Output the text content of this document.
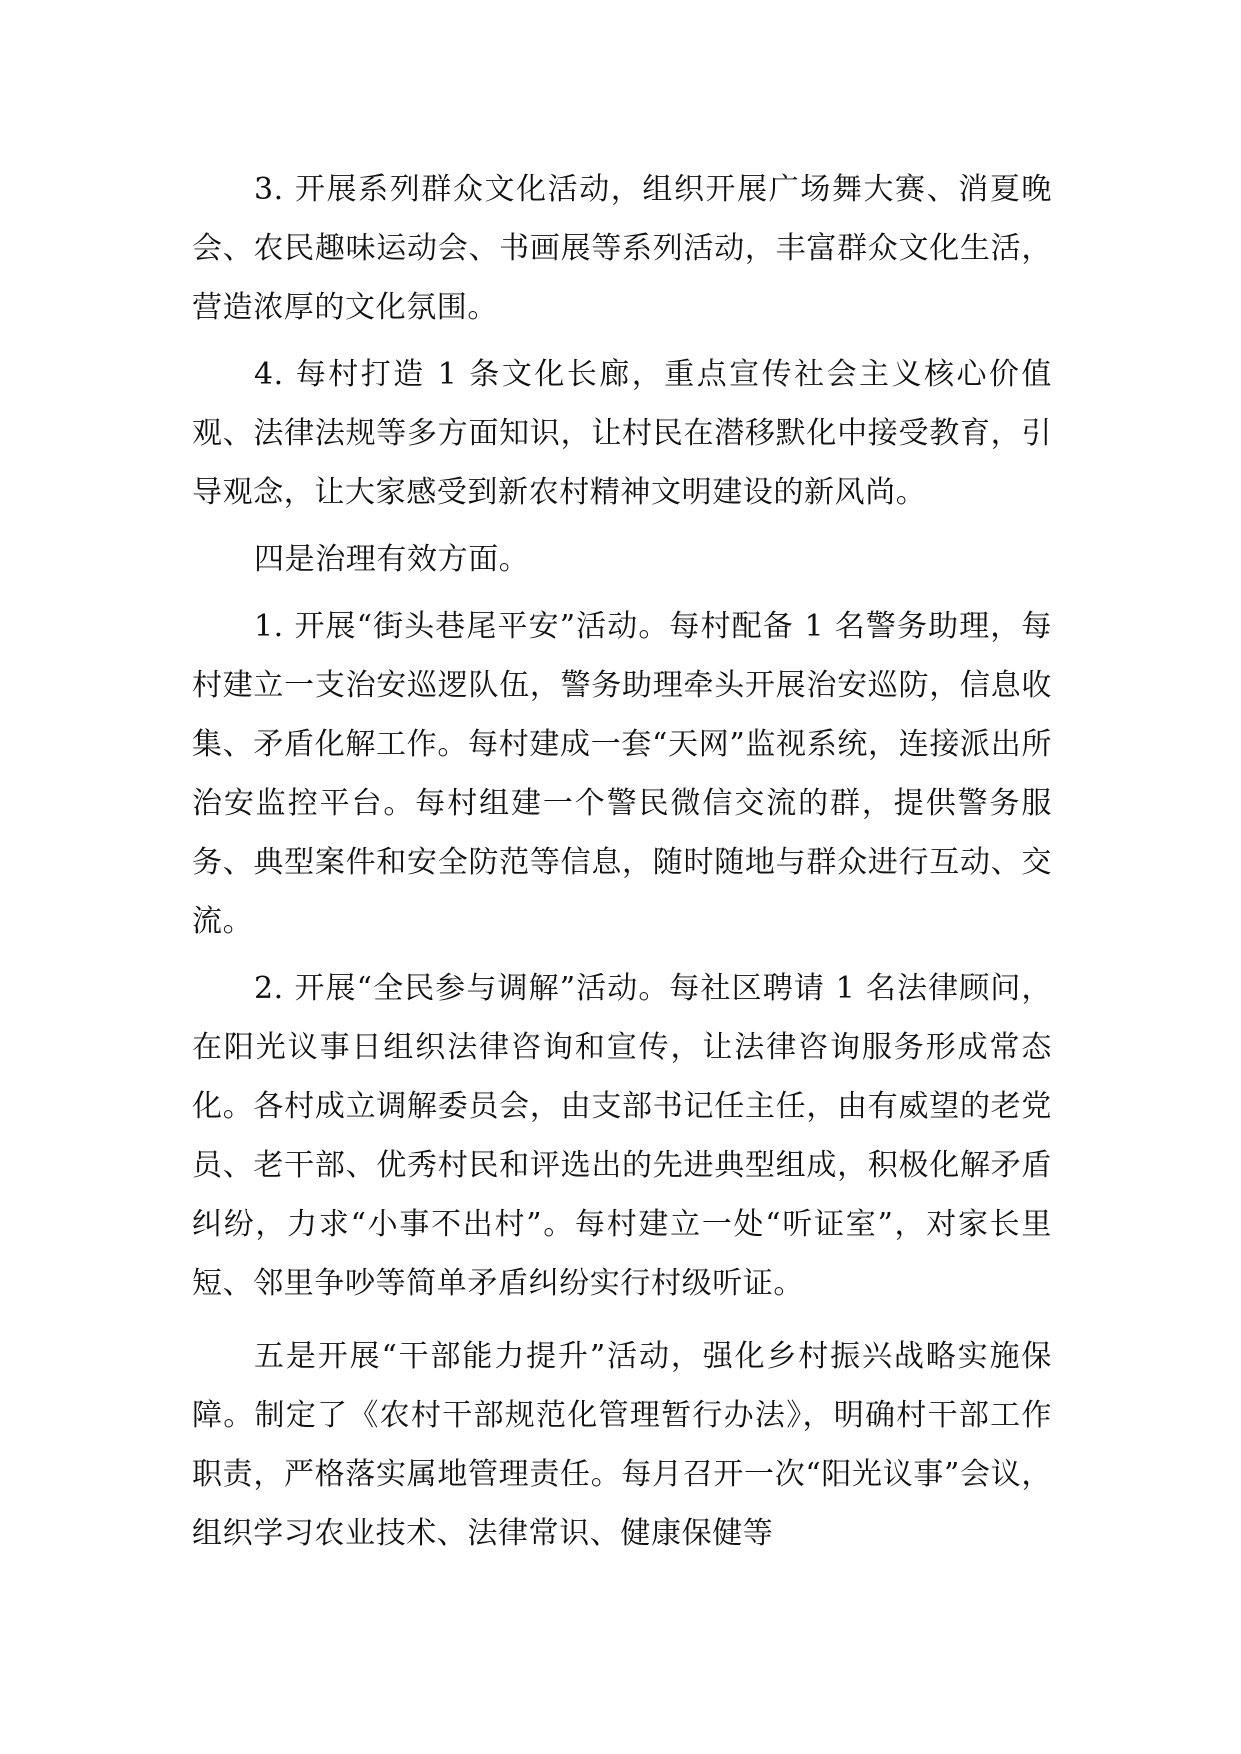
3. 开展系列群众文化活动，组织开展广场舞大赛、消夏晚会、农民趣味运动会、书画展等系列活动，丰富群众文化生活，营造浓厚的文化氛围。

4. 每村打造 1 条文化长廊，重点宣传社会主义核心价值观、法律法规等多方面知识，让村民在潜移默化中接受教育，引导观念，让大家感受到新农村精神文明建设的新风尚。

四是治理有效方面。

1. 开展“街头巷尾平安”活动。每村配备 1 名警务助理，每村建立一支治安巡逻队伍，警务助理牵头开展治安巡防，信息收集、矛盾化解工作。每村建成一套“天网”监视系统，连接派出所治安监控平台。每村组建一个警民微信交流的群，提供警务服务、典型案件和安全防范等信息，随时随地与群众进行互动、交流。

2. 开展“全民参与调解”活动。每社区聘请 1 名法律顾问，在阳光议事日组织法律咨询和宣传，让法律咨询服务形成常态化。各村成立调解委员会，由支部书记任主任，由有威望的老党员、老干部、优秀村民和评选出的先进典型组成，积极化解矛盾纠纷，力求“小事不出村”。每村建立一处“听证室”，对家长里短、邻里争吵等简单矛盾纠纷实行村级听证。

五是开展“干部能力提升”活动，强化乡村振兴战略实施保障。制定了《农村干部规范化管理暂行办法》，明确村干部工作职责，严格落实属地管理责任。每月召开一次“阳光议事”会议，组织学习农业技术、法律常识、健康保健等
